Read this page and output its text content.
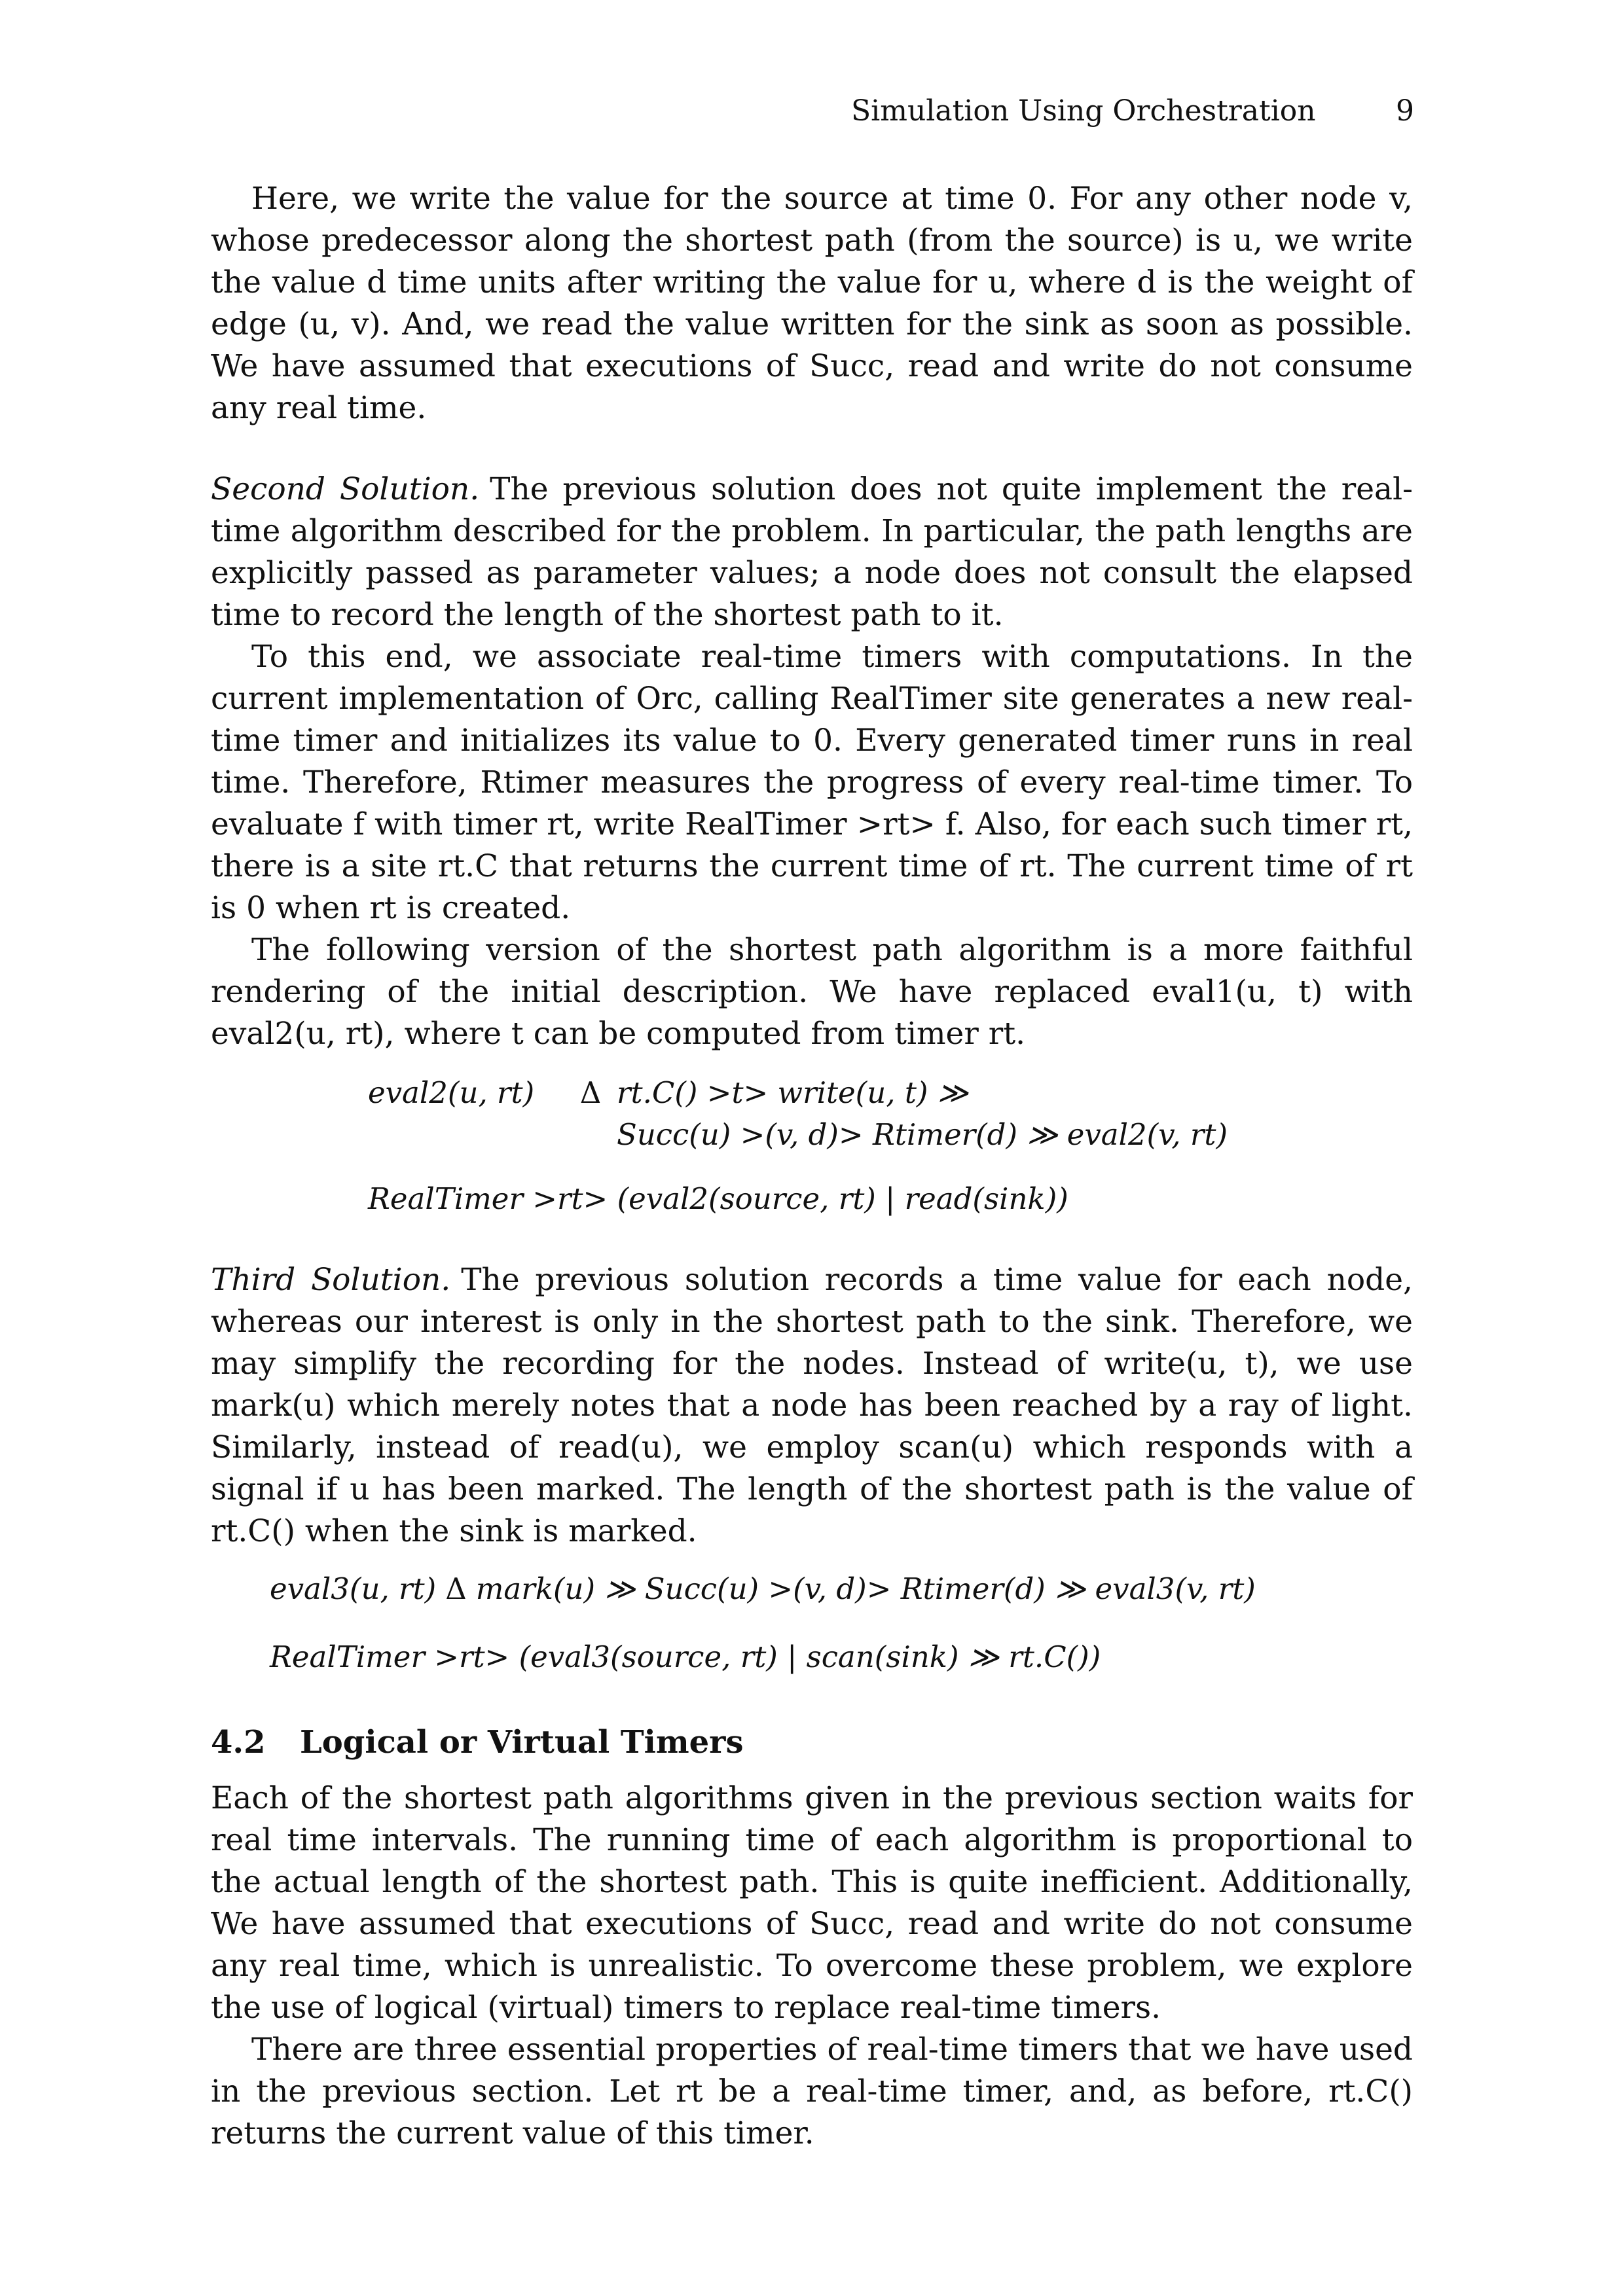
Simulation Using Orchestration	9

Here, we write the value for the source at time 0. For any other node v, whose predecessor along the shortest path (from the source) is u, we write the value d time units after writing the value for u, where d is the weight of edge (u, v). And, we read the value written for the sink as soon as possible. We have assumed that executions of Succ, read and write do not consume any real time.

Second Solution. The previous solution does not quite implement the real-time algorithm described for the problem. In particular, the path lengths are explicitly passed as parameter values; a node does not consult the elapsed time to record the length of the shortest path to it.

To this end, we associate real-time timers with computations. In the current implementation of Orc, calling RealTimer site generates a new real-time timer and initializes its value to 0. Every generated timer runs in real time. Therefore, Rtimer measures the progress of every real-time timer. To evaluate f with timer rt, write RealTimer >rt> f. Also, for each such timer rt, there is a site rt.C that returns the current time of rt. The current time of rt is 0 when rt is created.

The following version of the shortest path algorithm is a more faithful rendering of the initial description. We have replaced eval1(u, t) with eval2(u, rt), where t can be computed from timer rt.

eval2(u, rt)	Δ rt.C() >t> write(u, t) ≫
Succ(u) >(v, d)> Rtimer(d) ≫ eval2(v, rt)
RealTimer >rt> (eval2(source, rt) | read(sink))

Third Solution. The previous solution records a time value for each node, whereas our interest is only in the shortest path to the sink. Therefore, we may simplify the recording for the nodes. Instead of write(u, t), we use mark(u) which merely notes that a node has been reached by a ray of light. Similarly, instead of read(u), we employ scan(u) which responds with a signal if u has been marked. The length of the shortest path is the value of rt.C() when the sink is marked.

eval3(u, rt) Δ mark(u) ≫ Succ(u) >(v, d)> Rtimer(d) ≫ eval3(v, rt)
RealTimer >rt> (eval3(source, rt) | scan(sink) ≫ rt.C())
4.2 Logical or Virtual Timers

Each of the shortest path algorithms given in the previous section waits for real time intervals. The running time of each algorithm is proportional to the actual length of the shortest path. This is quite inefficient. Additionally, We have assumed that executions of Succ, read and write do not consume any real time, which is unrealistic. To overcome these problem, we explore the use of logical (virtual) timers to replace real-time timers.

There are three essential properties of real-time timers that we have used in the previous section. Let rt be a real-time timer, and, as before, rt.C() returns the current value of this timer.
